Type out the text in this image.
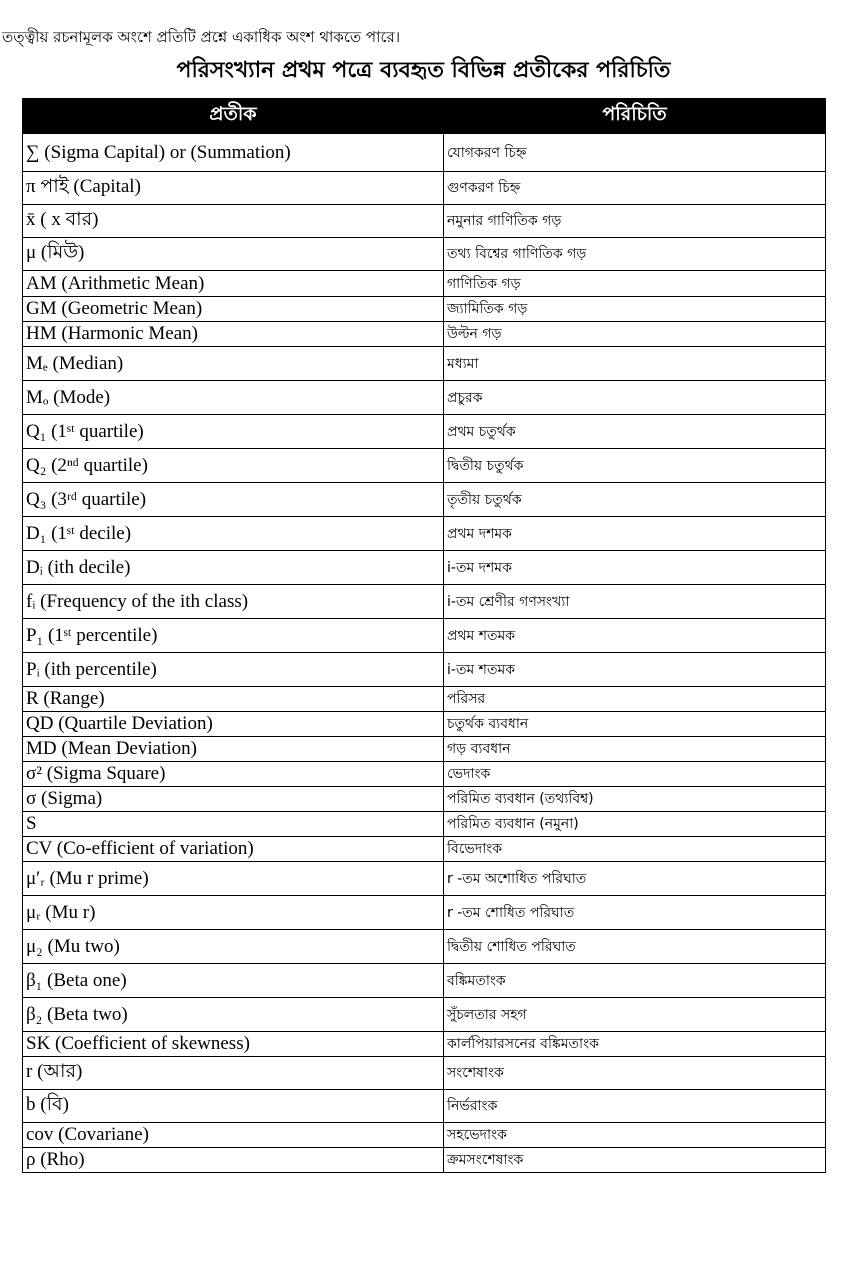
তত্ত্বীয় রচনামূলক অংশে প্রতিটি প্রশ্নে একাধিক অংশ থাকতে পারে।
পরিসংখ্যান প্রথম পত্রে ব্যবহৃত বিভিন্ন প্রতীকের পরিচিতি
প্রতীক	পরিচিতি
∑ (Sigma Capital) or (Summation)	যোগকরণ চিহ্ন
π পাই (Capital)	গুণকরণ চিহ্ন
x̄ ( x বার)	নমুনার গাণিতিক গড়
μ (মিউ)	তথ্য বিশ্বের গাণিতিক গড়
AM (Arithmetic Mean)	গাণিতিক গড়
GM (Geometric Mean)	জ্যামিতিক গড়
HM (Harmonic Mean)	উল্টন গড়
Mₑ (Median)	মধ্যমা
Mₒ (Mode)	প্রচুরক
Q₁ (1ˢᵗ quartile)	প্রথম চতুর্থক
Q₂ (2ⁿᵈ quartile)	দ্বিতীয় চতুর্থক
Q₃ (3ʳᵈ quartile)	তৃতীয় চতুর্থক
D₁ (1ˢᵗ decile)	প্রথম দশমক
Dᵢ (ith decile)	i-তম দশমক
fᵢ (Frequency of the ith class)	i-তম শ্রেণীর গণসংখ্যা
P₁ (1ˢᵗ percentile)	প্রথম শতমক
Pᵢ (ith percentile)	i-তম শতমক
R (Range)	পরিসর
QD (Quartile Deviation)	চতুর্থক ব্যবধান
MD (Mean Deviation)	গড় ব্যবধান
σ² (Sigma Square)	ভেদাংক
σ (Sigma)	পরিমিত ব্যবধান (তথ্যবিশ্ব)
S	পরিমিত ব্যবধান (নমুনা)
CV (Co-efficient of variation)	বিভেদাংক
μ′ᵣ (Mu r prime)	r -তম অশোধিত পরিঘাত
μᵣ (Mu r)	r -তম শোধিত পরিঘাত
μ₂ (Mu two)	দ্বিতীয় শোধিত পরিঘাত
β₁ (Beta one)	বঙ্কিমতাংক
β₂ (Beta two)	সুঁচলতার সহগ
SK (Coefficient of skewness)	কার্লপিয়ারসনের বঙ্কিমতাংক
r (আর)	সংশেষাংক
b (বি)	নির্ভরাংক
cov (Covariane)	সহভেদাংক
ρ (Rho)	ক্রমসংশেষাংক
